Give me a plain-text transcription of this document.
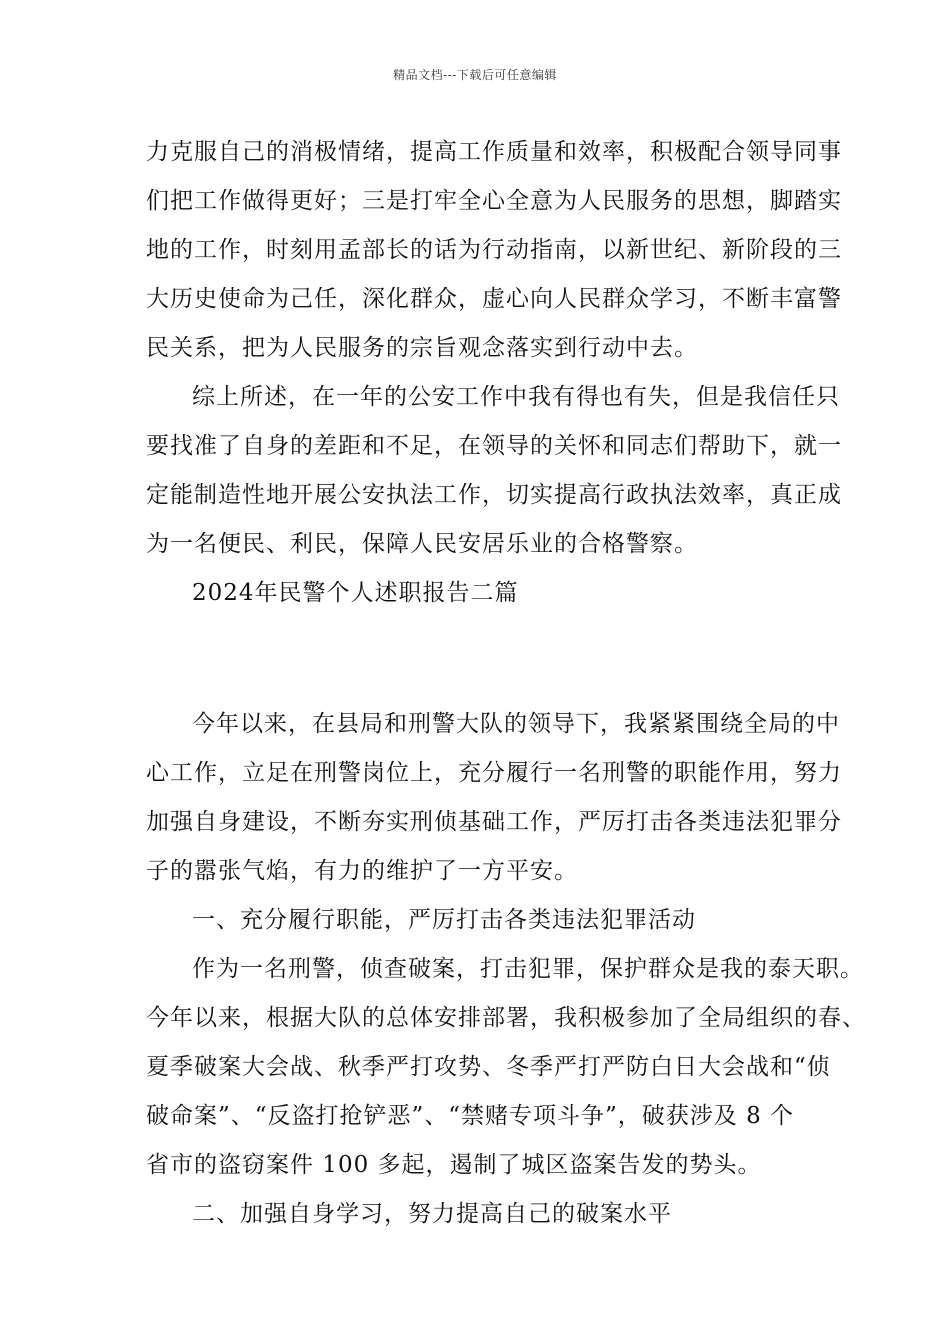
精品文档---下载后可任意编辑
力克服自己的消极情绪，提高工作质量和效率，积极配合领导同事
们把工作做得更好；三是打牢全心全意为人民服务的思想，脚踏实
地的工作，时刻用孟部长的话为行动指南，以新世纪、新阶段的三
大历史使命为己任，深化群众，虚心向人民群众学习，不断丰富警
民关系，把为人民服务的宗旨观念落实到行动中去。
综上所述，在一年的公安工作中我有得也有失，但是我信任只
要找准了自身的差距和不足，在领导的关怀和同志们帮助下，就一
定能制造性地开展公安执法工作，切实提高行政执法效率，真正成
为一名便民、利民，保障人民安居乐业的合格警察。
2024年民警个人述职报告二篇
今年以来，在县局和刑警大队的领导下，我紧紧围绕全局的中
心工作，立足在刑警岗位上，充分履行一名刑警的职能作用，努力
加强自身建设，不断夯实刑侦基础工作，严厉打击各类违法犯罪分
子的嚣张气焰，有力的维护了一方平安。
一、充分履行职能，严厉打击各类违法犯罪活动
作为一名刑警，侦查破案，打击犯罪，保护群众是我的泰天职。
今年以来，根据大队的总体安排部署，我积极参加了全局组织的春、
夏季破案大会战、秋季严打攻势、冬季严打严防白日大会战和“侦
破命案”、“反盗打抢铲恶”、“禁赌专项斗争”，破获涉及 8 个
省市的盗窃案件 100 多起，遏制了城区盗案告发的势头。
二、加强自身学习，努力提高自己的破案水平
